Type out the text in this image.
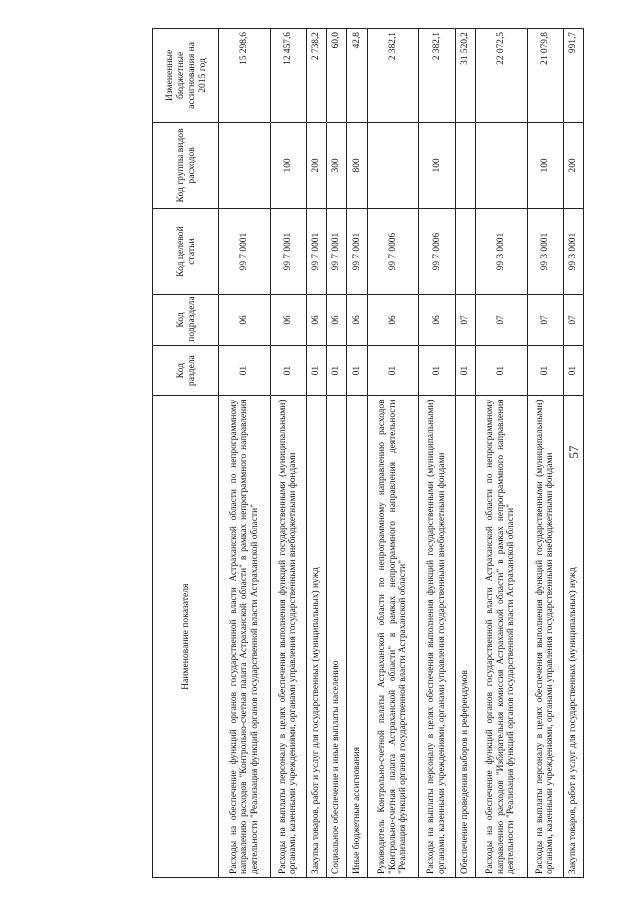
57
Наименование показателя	Код раздела	Код подраздела	Код целевой статьи	Код группы видов расходов	Измененные бюджетные ассигнования на 2015 год
Расходы на обеспечение функций органов государственной власти Астраханской области по непрограммному направлению расходов "Контрольно-счетная палата Астраханской области" в рамках непрограммного направления деятельности "Реализация функций органов государственной власти Астраханской области"	01	06	99 7 0001		15 298,6
Расходы на выплаты персоналу в целях обеспечения выполнения функций государственными (муниципальными) органами, казенными учреждениями, органами управления государственными внебюджетными фондами	01	06	99 7 0001	100	12 457,6
Закупка товаров, работ и услуг для государственных (муниципальных) нужд	01	06	99 7 0001	200	2 738,2
Социальное обеспечение и иные выплаты населению	01	06	99 7 0001	300	60,0
Иные бюджетные ассигнования	01	06	99 7 0001	800	42,8
Руководитель Контрольно-счетной палаты Астраханской области по непрограммному направлению расходов "Контрольно-счетная палата Астраханской области" в рамках непрограммного направления деятельности "Реализация функций органов государственной власти Астраханской области"	01	06	99 7 0006		2 382,1
Расходы на выплаты персоналу в целях обеспечения выполнения функций государственными (муниципальными) органами, казенными учреждениями, органами управления государственными внебюджетными фондами	01	06	99 7 0006	100	2 382,1
Обеспечение проведения выборов и референдумов	01	07			31 520,2
Расходы на обеспечение функций органов государственной власти Астраханской области по непрограммному направлению расходов "Избирательная комиссия Астраханской области" в рамках непрограммного направления деятельности "Реализация функций органов государственной власти Астраханской области"	01	07	99 3 0001		22 072,5
Расходы на выплаты персоналу в целях обеспечения выполнения функций государственными (муниципальными) органами, казенными учреждениями, органами управления государственными внебюджетными фондами	01	07	99 3 0001	100	21 079,8
Закупка товаров, работ и услуг для государственных (муниципальных) нужд	01	07	99 3 0001	200	991,7
